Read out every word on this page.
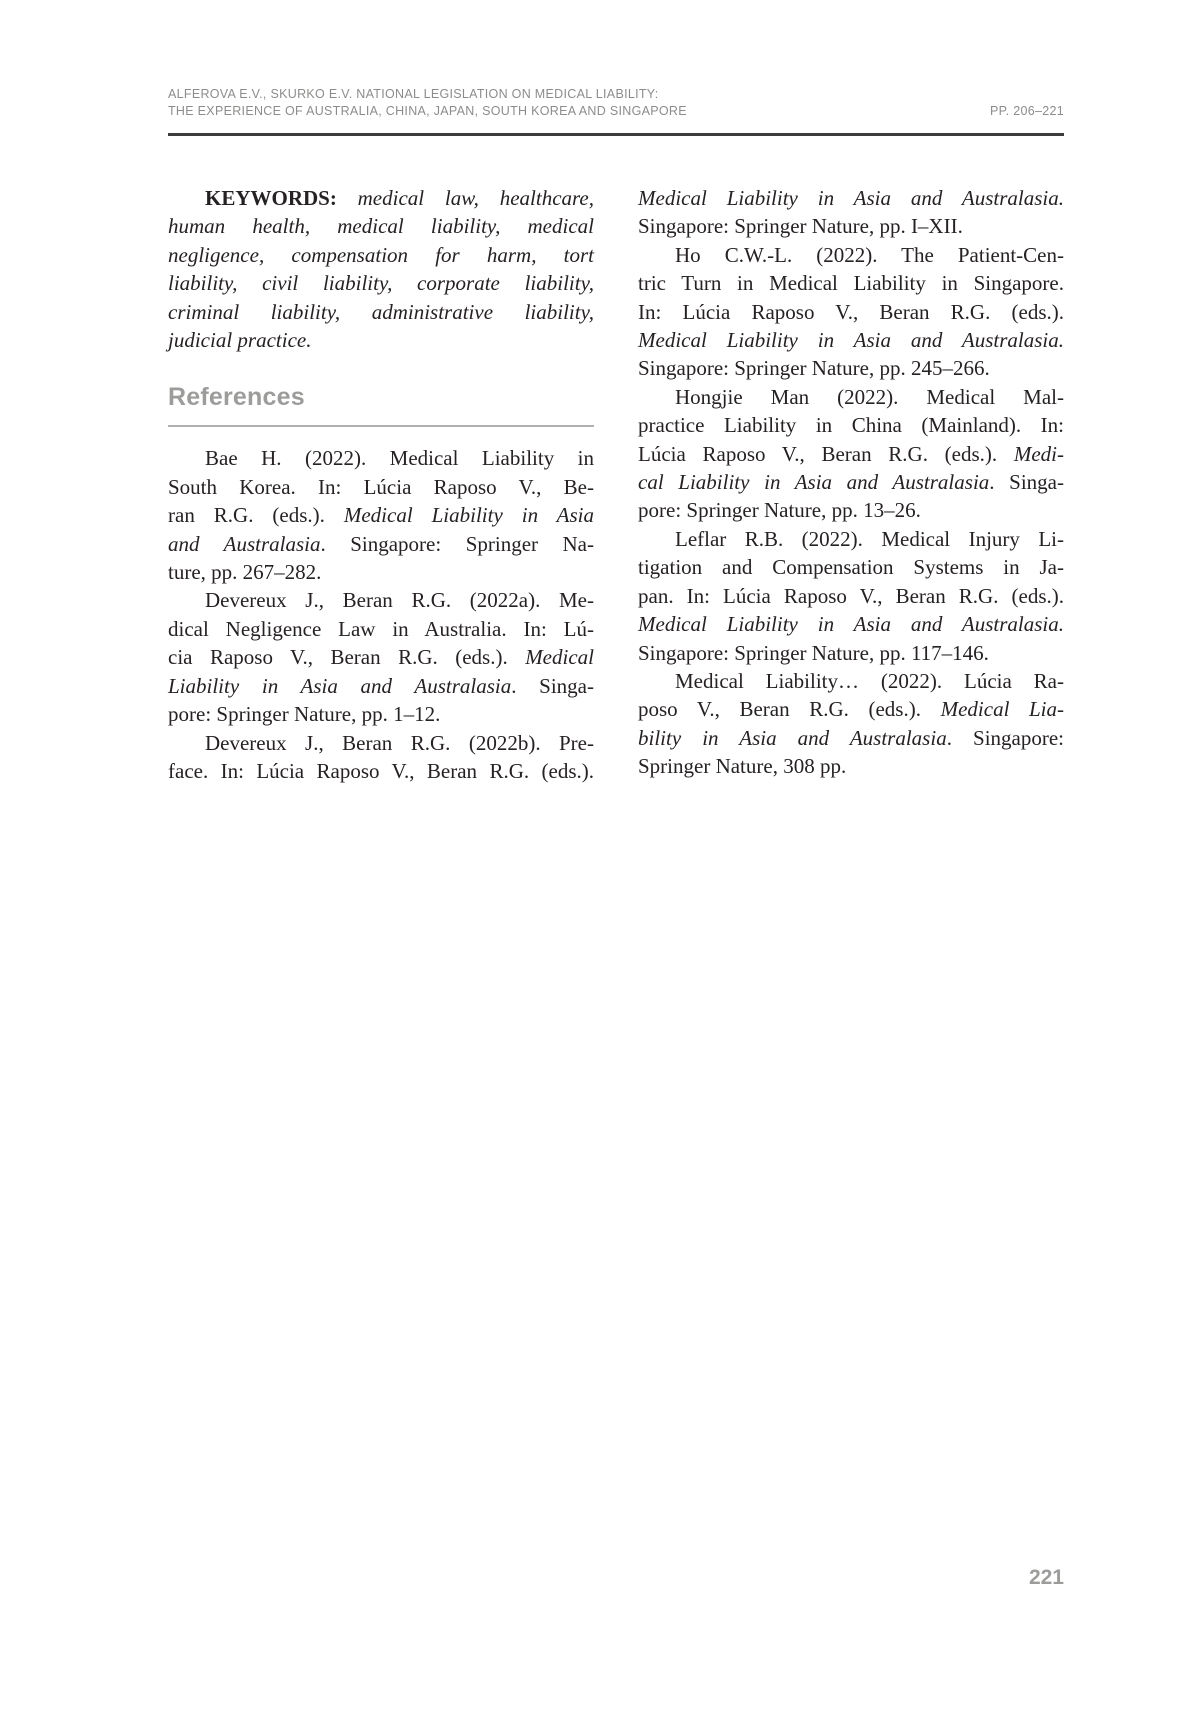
ALFEROVA E.V., SKURKO E.V. NATIONAL LEGISLATION ON MEDICAL LIABILITY:
THE EXPERIENCE OF AUSTRALIA, CHINA, JAPAN, SOUTH KOREA AND SINGAPORE	PP. 206–221
KEYWORDS: medical law, healthcare,
human health, medical liability, medical
negligence, compensation for harm, tort
liability, civil liability, corporate liability,
criminal liability, administrative liability,
judicial practice.
References
Bae H. (2022). Medical Liability in
South Korea. In: Lúcia Raposo V., Be-
ran R.G. (eds.). Medical Liability in Asia
and Australasia. Singapore: Springer Na-
ture, pp. 267–282.
Devereux J., Beran R.G. (2022a). Me-
dical Negligence Law in Australia. In: Lú-
cia Raposo V., Beran R.G. (eds.). Medical
Liability in Asia and Australasia. Singa-
pore: Springer Nature, pp. 1–12.
Devereux J., Beran R.G. (2022b). Pre-
face. In: Lúcia Raposo V., Beran R.G. (eds.).
Medical Liability in Asia and Australasia.
Singapore: Springer Nature, pp. I–XII.
Ho C.W.-L. (2022). The Patient-Cen-
tric Turn in Medical Liability in Singapore.
In: Lúcia Raposo V., Beran R.G. (eds.).
Medical Liability in Asia and Australasia.
Singapore: Springer Nature, pp. 245–266.
Hongjie Man (2022). Medical Mal-
practice Liability in China (Mainland). In:
Lúcia Raposo V., Beran R.G. (eds.). Medi-
cal Liability in Asia and Australasia. Singa-
pore: Springer Nature, pp. 13–26.
Leflar R.B. (2022). Medical Injury Li-
tigation and Compensation Systems in Ja-
pan. In: Lúcia Raposo V., Beran R.G. (eds.).
Medical Liability in Asia and Australasia.
Singapore: Springer Nature, pp. 117–146.
Medical Liability… (2022). Lúcia Ra-
poso V., Beran R.G. (eds.). Medical Lia-
bility in Asia and Australasia. Singapore:
Springer Nature, 308 pp.
221
